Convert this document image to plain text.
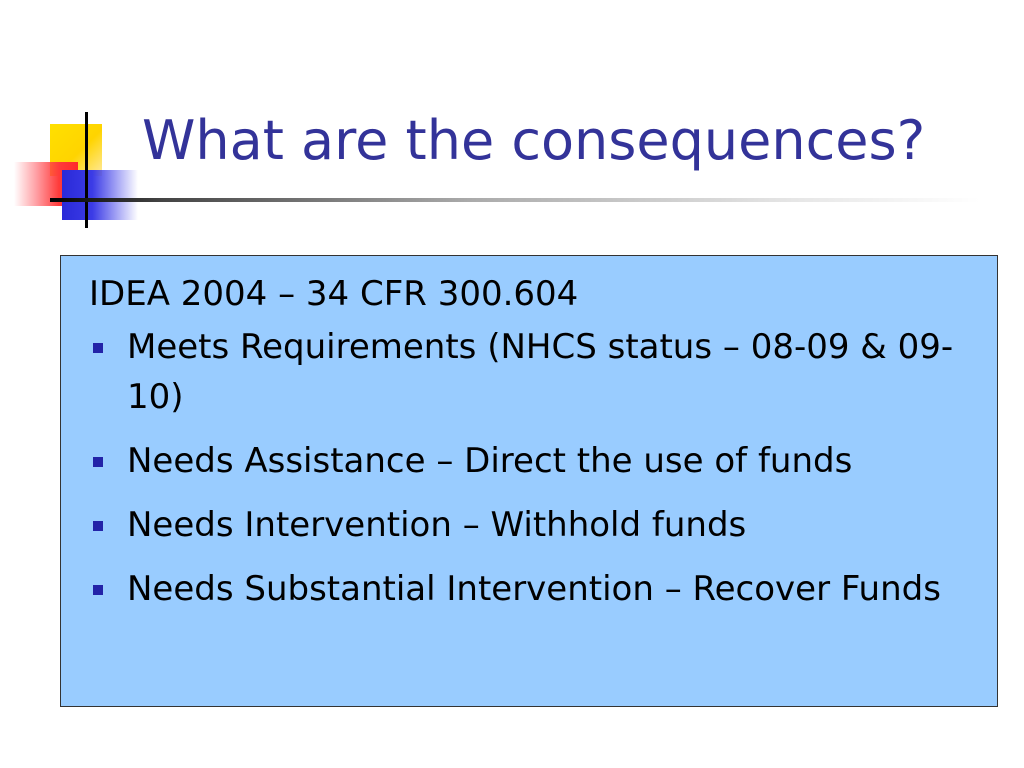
What are the consequences?

IDEA 2004 – 34 CFR 300.604

Meets Requirements (NHCS status – 08-09 & 09-10)
Needs Assistance – Direct the use of funds
Needs Intervention – Withhold funds
Needs Substantial Intervention – Recover Funds
